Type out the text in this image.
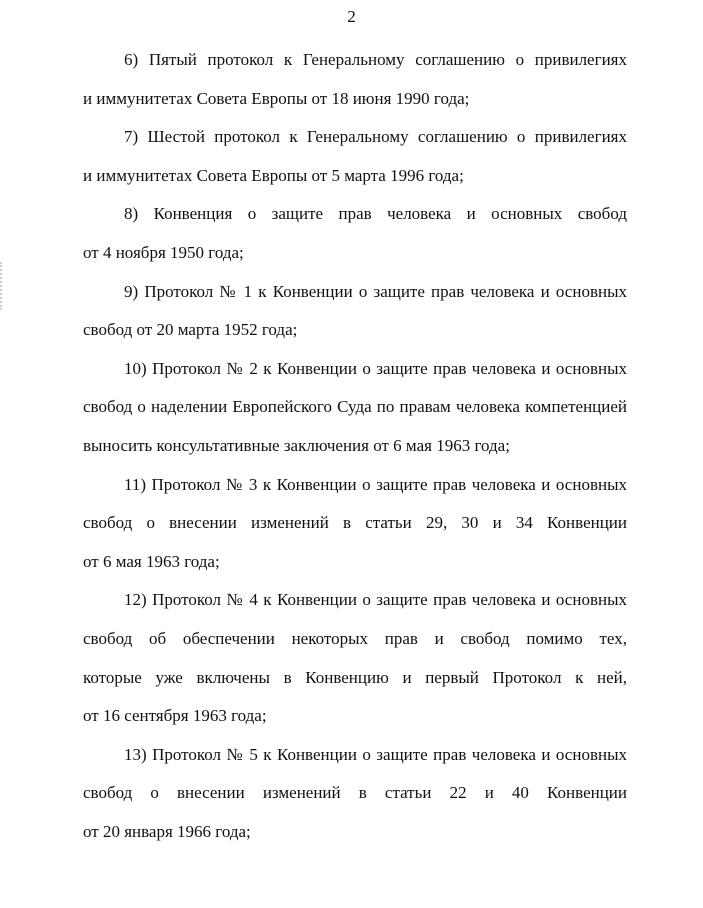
2
6) Пятый протокол к Генеральному соглашению о привилегиях
и иммунитетах Совета Европы от 18 июня 1990 года;
7) Шестой протокол к Генеральному соглашению о привилегиях
и иммунитетах Совета Европы от 5 марта 1996 года;
8) Конвенция о защите прав человека и основных свобод
от 4 ноября 1950 года;
9) Протокол № 1 к Конвенции о защите прав человека и основных
свобод от 20 марта 1952 года;
10) Протокол № 2 к Конвенции о защите прав человека и основных
свобод о наделении Европейского Суда по правам человека компетенцией
выносить консультативные заключения от 6 мая 1963 года;
11) Протокол № 3 к Конвенции о защите прав человека и основных
свобод о внесении изменений в статьи 29, 30 и 34 Конвенции
от 6 мая 1963 года;
12) Протокол № 4 к Конвенции о защите прав человека и основных
свобод об обеспечении некоторых прав и свобод помимо тех,
которые уже включены в Конвенцию и первый Протокол к ней,
от 16 сентября 1963 года;
13) Протокол № 5 к Конвенции о защите прав человека и основных
свобод о внесении изменений в статьи 22 и 40 Конвенции
от 20 января 1966 года;
